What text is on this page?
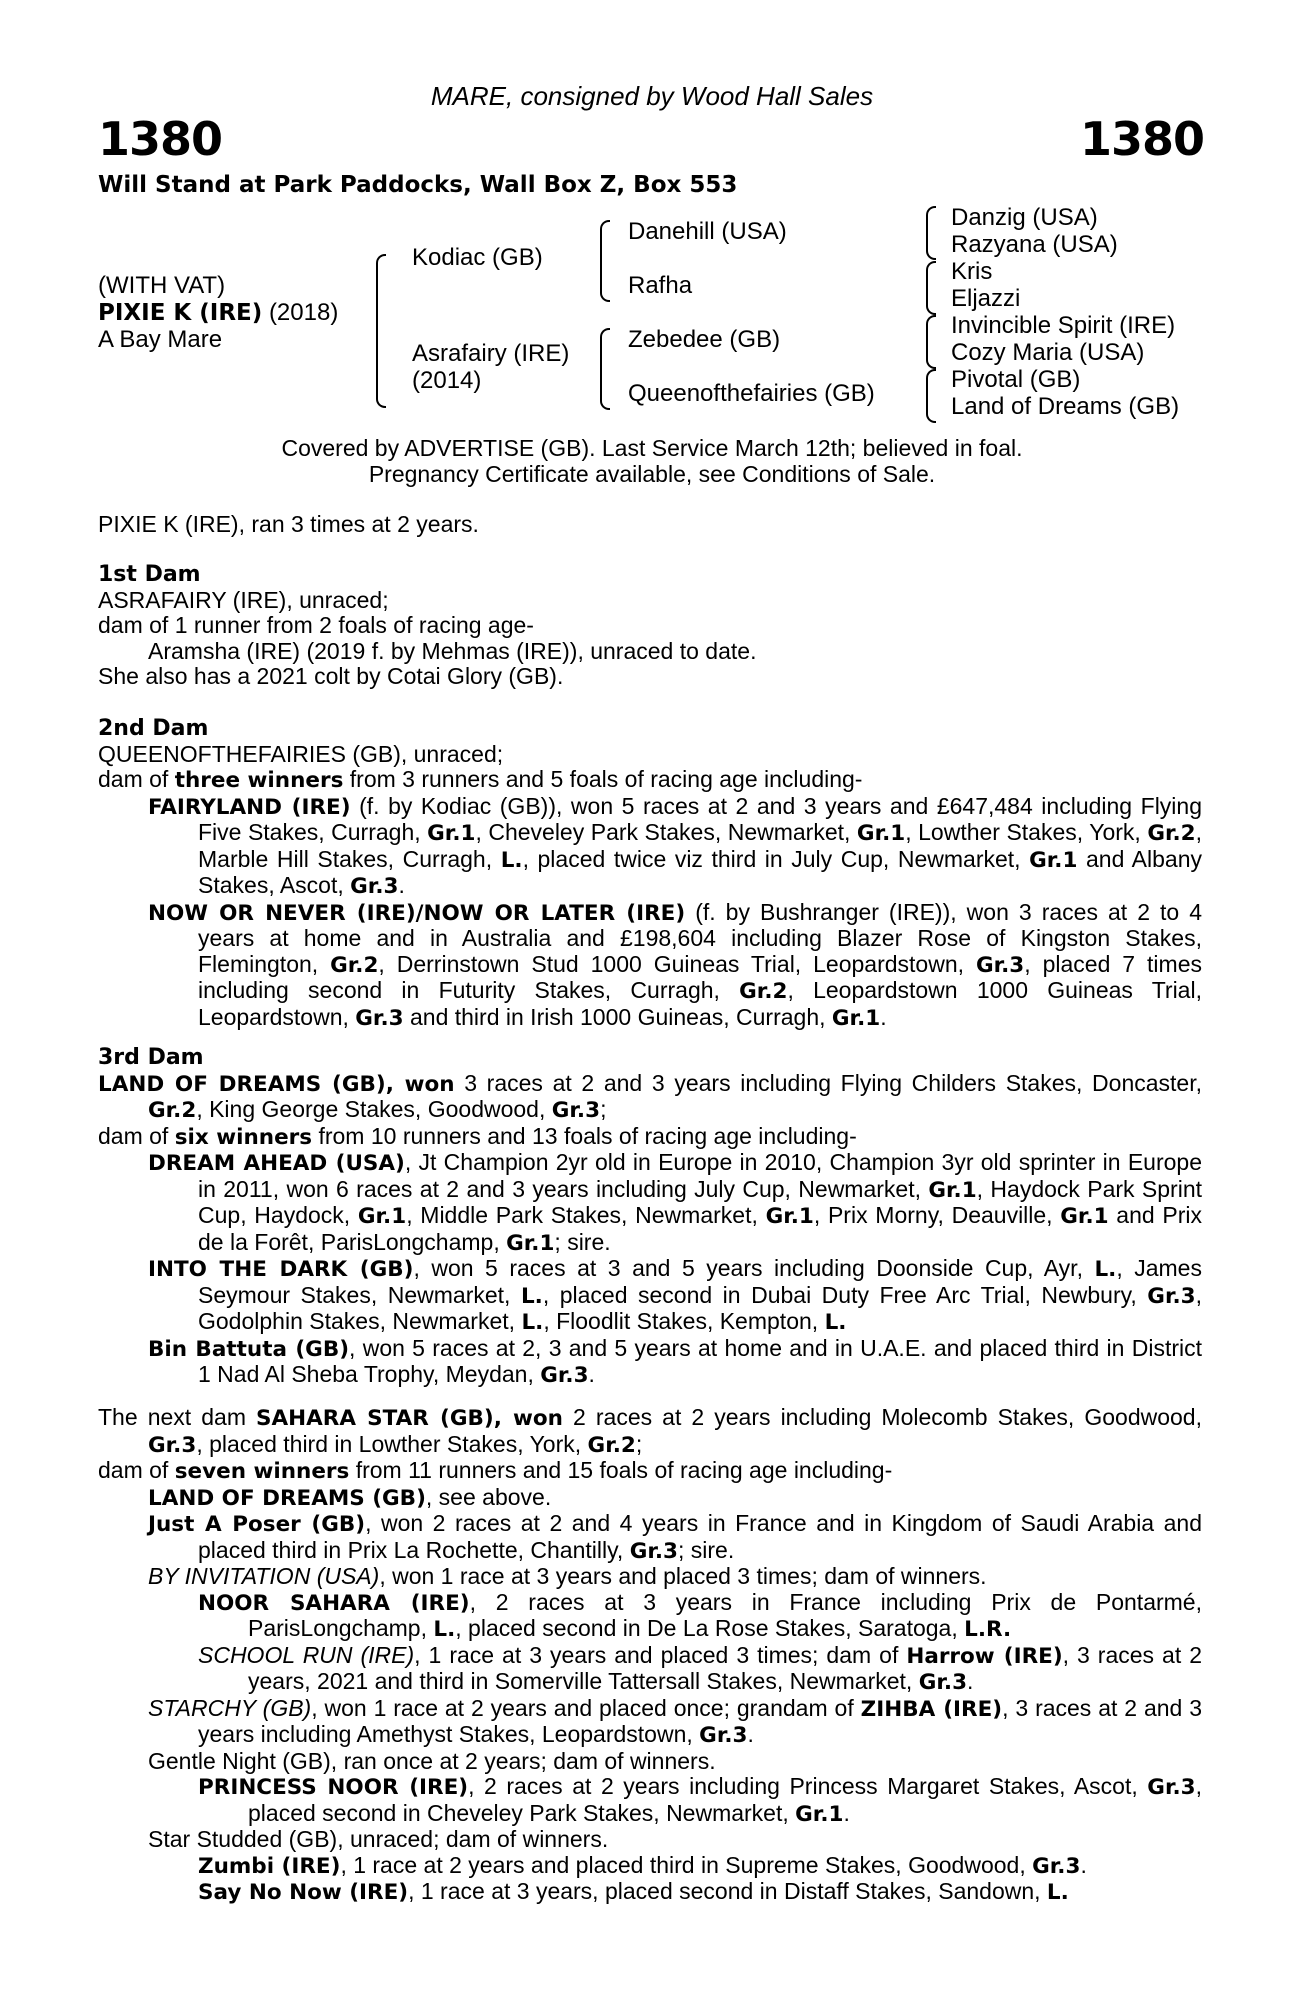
MARE, consigned by Wood Hall Sales
1380	1380
Will Stand at Park Paddocks, Wall Box Z, Box 553
(WITH VAT)
PIXIE K (IRE) (2018)
A Bay Mare
Kodiac (GB)
Asrafairy (IRE)
(2014)
Danehill (USA)
Rafha
Zebedee (GB)
Queenofthefairies (GB)
Danzig (USA)
Razyana (USA)
Kris
Eljazzi
Invincible Spirit (IRE)
Cozy Maria (USA)
Pivotal (GB)
Land of Dreams (GB)
Covered by ADVERTISE (GB). Last Service March 12th; believed in foal.
Pregnancy Certificate available, see Conditions of Sale.
PIXIE K (IRE), ran 3 times at 2 years.
1st Dam
ASRAFAIRY (IRE), unraced;
dam of 1 runner from 2 foals of racing age-
Aramsha (IRE) (2019 f. by Mehmas (IRE)), unraced to date.
She also has a 2021 colt by Cotai Glory (GB).
2nd Dam
QUEENOFTHEFAIRIES (GB), unraced;
dam of three winners from 3 runners and 5 foals of racing age including-
FAIRYLAND (IRE) (f. by Kodiac (GB)), won 5 races at 2 and 3 years and £647,484 including Flying Five Stakes, Curragh, Gr.1, Cheveley Park Stakes, Newmarket, Gr.1, Lowther Stakes, York, Gr.2, Marble Hill Stakes, Curragh, L., placed twice viz third in July Cup, Newmarket, Gr.1 and Albany Stakes, Ascot, Gr.3.
NOW OR NEVER (IRE)/NOW OR LATER (IRE) (f. by Bushranger (IRE)), won 3 races at 2 to 4 years at home and in Australia and £198,604 including Blazer Rose of Kingston Stakes, Flemington, Gr.2, Derrinstown Stud 1000 Guineas Trial, Leopardstown, Gr.3, placed 7 times including second in Futurity Stakes, Curragh, Gr.2, Leopardstown 1000 Guineas Trial, Leopardstown, Gr.3 and third in Irish 1000 Guineas, Curragh, Gr.1.
3rd Dam
LAND OF DREAMS (GB), won 3 races at 2 and 3 years including Flying Childers Stakes, Doncaster, Gr.2, King George Stakes, Goodwood, Gr.3;
dam of six winners from 10 runners and 13 foals of racing age including-
DREAM AHEAD (USA), Jt Champion 2yr old in Europe in 2010, Champion 3yr old sprinter in Europe in 2011, won 6 races at 2 and 3 years including July Cup, Newmarket, Gr.1, Haydock Park Sprint Cup, Haydock, Gr.1, Middle Park Stakes, Newmarket, Gr.1, Prix Morny, Deauville, Gr.1 and Prix de la Forêt, ParisLongchamp, Gr.1; sire.
INTO THE DARK (GB), won 5 races at 3 and 5 years including Doonside Cup, Ayr, L., James Seymour Stakes, Newmarket, L., placed second in Dubai Duty Free Arc Trial, Newbury, Gr.3, Godolphin Stakes, Newmarket, L., Floodlit Stakes, Kempton, L.
Bin Battuta (GB), won 5 races at 2, 3 and 5 years at home and in U.A.E. and placed third in District 1 Nad Al Sheba Trophy, Meydan, Gr.3.
The next dam SAHARA STAR (GB), won 2 races at 2 years including Molecomb Stakes, Goodwood, Gr.3, placed third in Lowther Stakes, York, Gr.2;
dam of seven winners from 11 runners and 15 foals of racing age including-
LAND OF DREAMS (GB), see above.
Just A Poser (GB), won 2 races at 2 and 4 years in France and in Kingdom of Saudi Arabia and placed third in Prix La Rochette, Chantilly, Gr.3; sire.
BY INVITATION (USA), won 1 race at 3 years and placed 3 times; dam of winners.
NOOR SAHARA (IRE), 2 races at 3 years in France including Prix de Pontarmé, ParisLongchamp, L., placed second in De La Rose Stakes, Saratoga, L.R.
SCHOOL RUN (IRE), 1 race at 3 years and placed 3 times; dam of Harrow (IRE), 3 races at 2 years, 2021 and third in Somerville Tattersall Stakes, Newmarket, Gr.3.
STARCHY (GB), won 1 race at 2 years and placed once; grandam of ZIHBA (IRE), 3 races at 2 and 3 years including Amethyst Stakes, Leopardstown, Gr.3.
Gentle Night (GB), ran once at 2 years; dam of winners.
PRINCESS NOOR (IRE), 2 races at 2 years including Princess Margaret Stakes, Ascot, Gr.3, placed second in Cheveley Park Stakes, Newmarket, Gr.1.
Star Studded (GB), unraced; dam of winners.
Zumbi (IRE), 1 race at 2 years and placed third in Supreme Stakes, Goodwood, Gr.3.
Say No Now (IRE), 1 race at 3 years, placed second in Distaff Stakes, Sandown, L.
